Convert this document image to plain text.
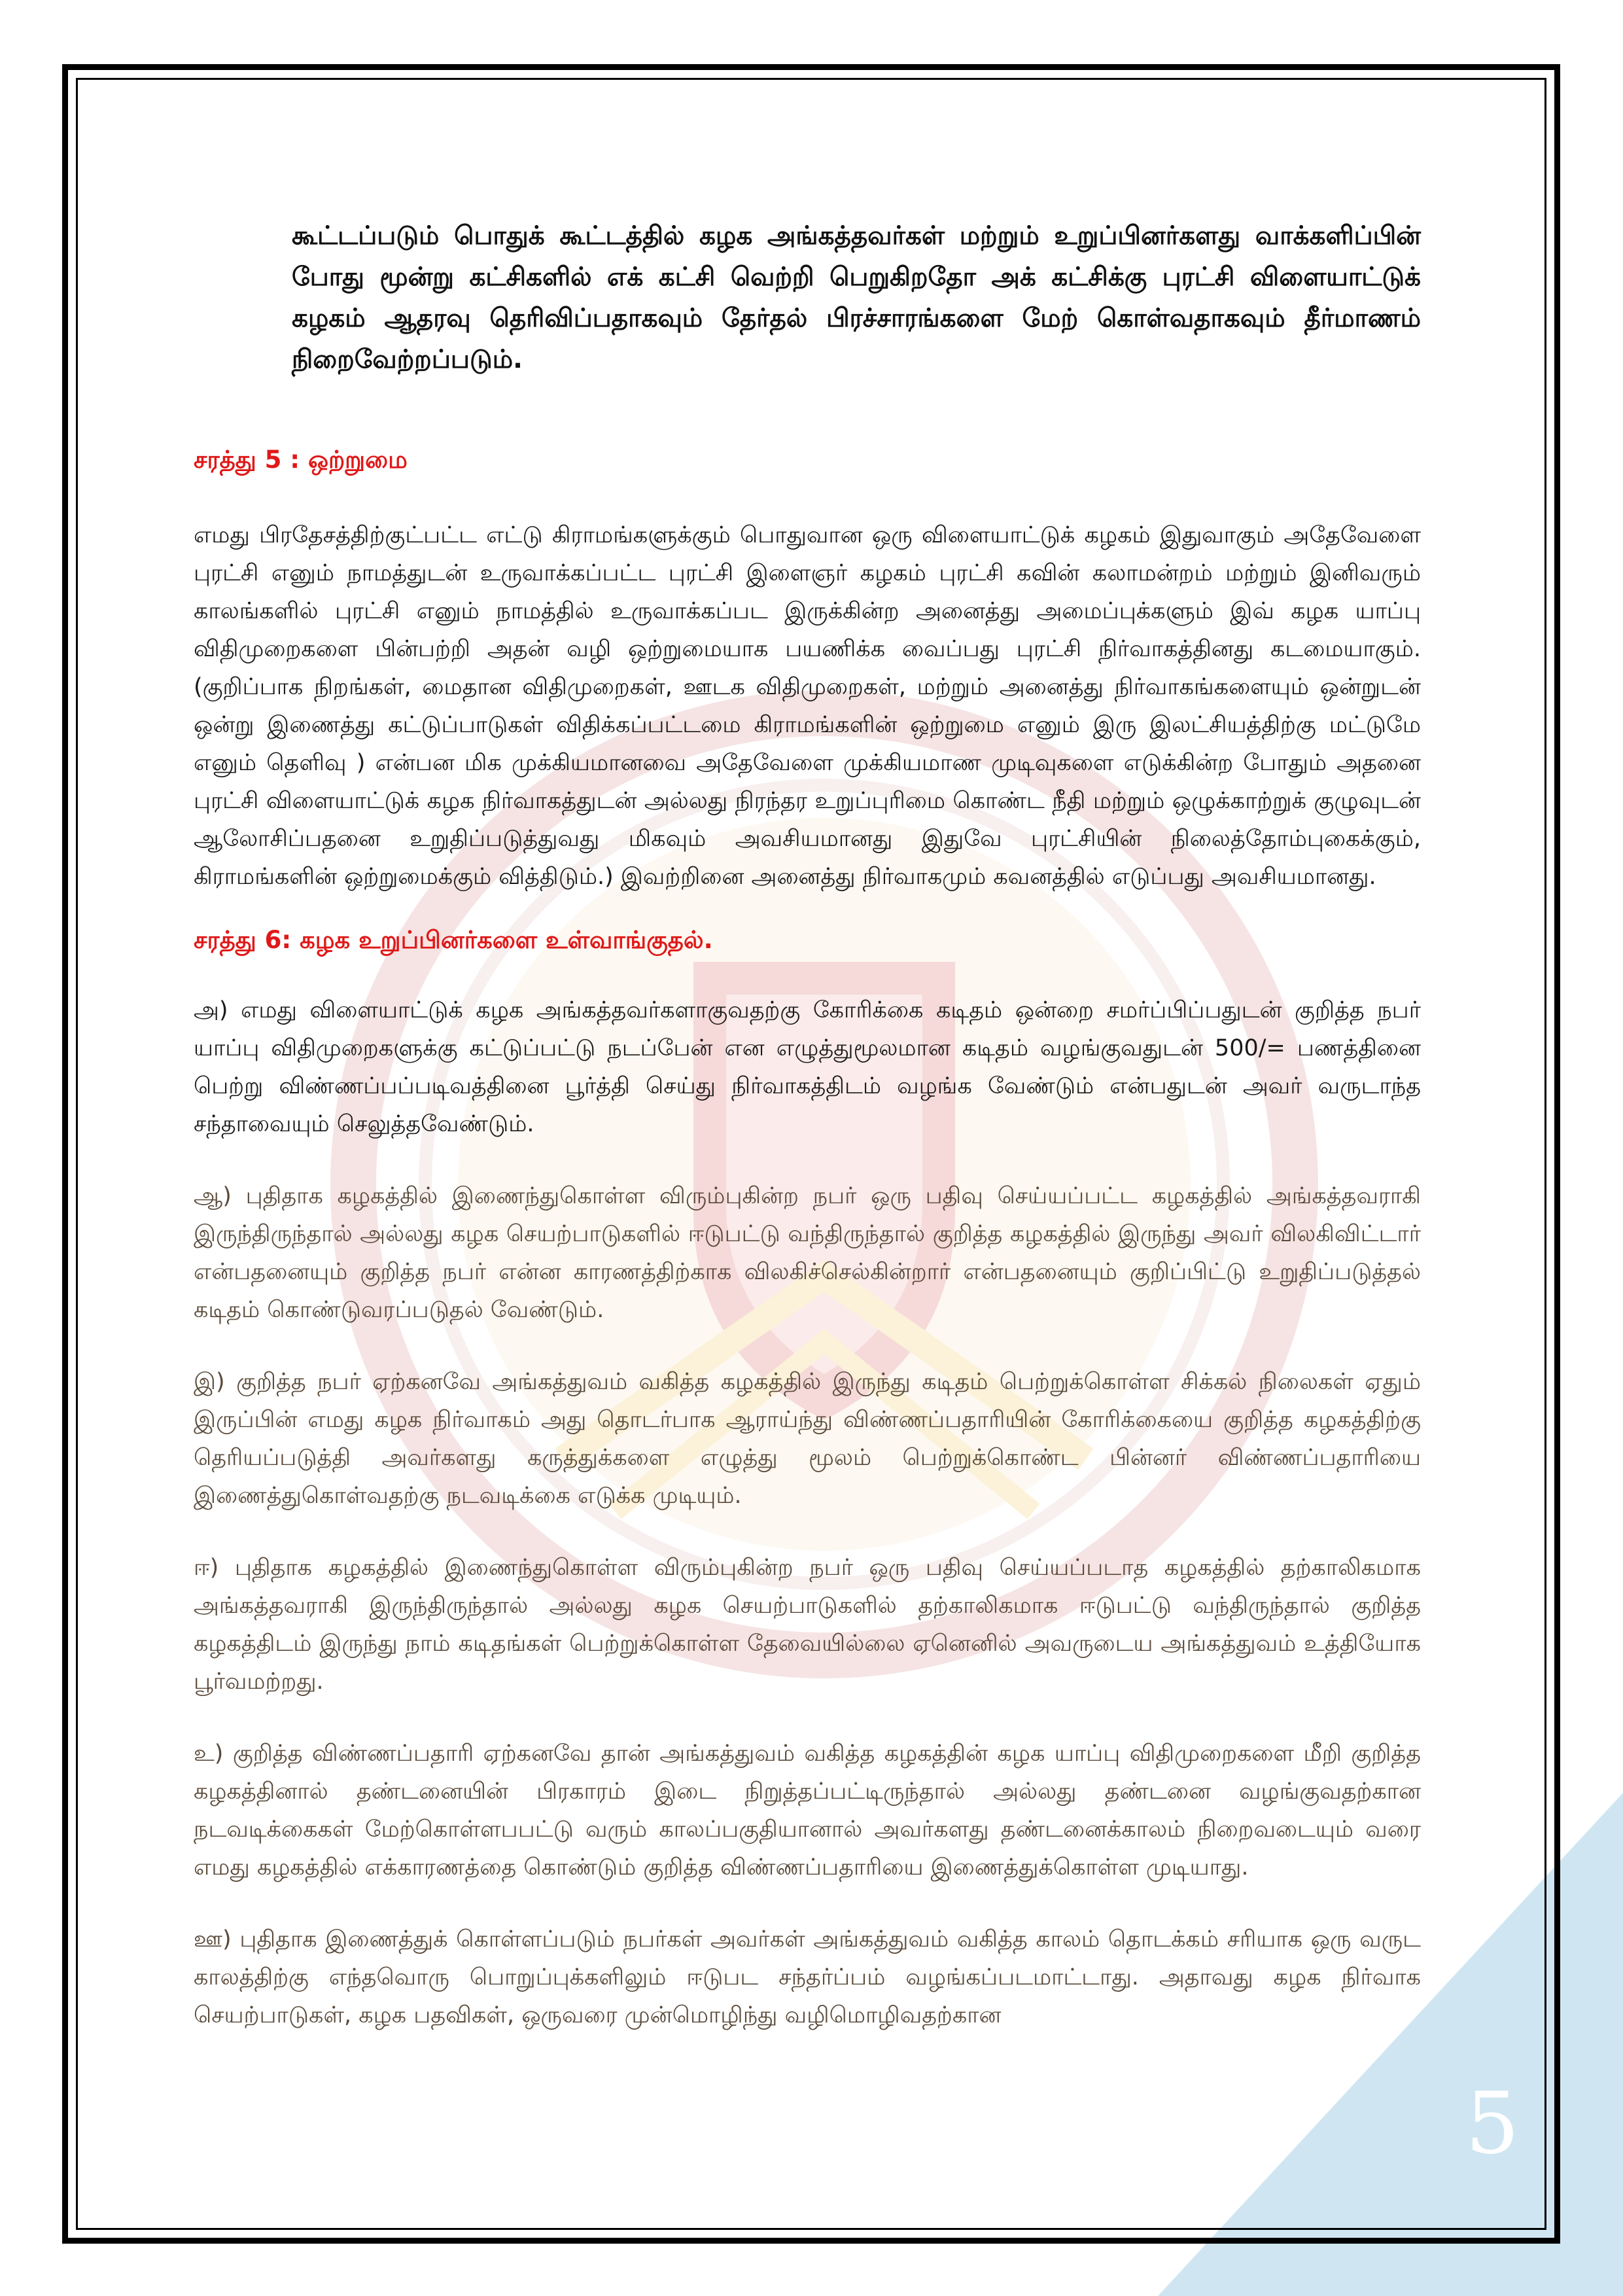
கூட்டப்படும் பொதுக் கூட்டத்தில் கழக அங்கத்தவர்கள் மற்றும் உறுப்பினர்களது வாக்களிப்பின் போது மூன்று கட்சிகளில் எக் கட்சி வெற்றி பெறுகிறதோ அக் கட்சிக்கு புரட்சி விளையாட்டுக் கழகம் ஆதரவு தெரிவிப்பதாகவும் தேர்தல் பிரச்சாரங்களை மேற் கொள்வதாகவும் தீர்மாணம் நிறைவேற்றப்படும்.

சரத்து 5 : ஒற்றுமை

எமது பிரதேசத்திற்குட்பட்ட எட்டு கிராமங்களுக்கும் பொதுவான ஒரு விளையாட்டுக் கழகம் இதுவாகும் அதேவேளை புரட்சி எனும் நாமத்துடன் உருவாக்கப்பட்ட புரட்சி இளைஞர் கழகம் புரட்சி கவின் கலாமன்றம் மற்றும் இனிவரும் காலங்களில் புரட்சி எனும் நாமத்தில் உருவாக்கப்பட இருக்கின்ற அனைத்து அமைப்புக்களும் இவ் கழக யாப்பு விதிமுறைகளை பின்பற்றி அதன் வழி ஒற்றுமையாக பயணிக்க வைப்பது புரட்சி நிர்வாகத்தினது கடமையாகும். (குறிப்பாக நிறங்கள், மைதான விதிமுறைகள், ஊடக விதிமுறைகள், மற்றும் அனைத்து நிர்வாகங்களையும் ஒன்றுடன் ஒன்று இணைத்து கட்டுப்பாடுகள் விதிக்கப்பட்டமை கிராமங்களின் ஒற்றுமை எனும் இரு இலட்சியத்திற்கு மட்டுமே எனும் தெளிவு ) என்பன மிக முக்கியமானவை அதேவேளை முக்கியமாண முடிவுகளை எடுக்கின்ற போதும் அதனை புரட்சி விளையாட்டுக் கழக நிர்வாகத்துடன் அல்லது நிரந்தர உறுப்புரிமை கொண்ட நீதி மற்றும் ஒழுக்காற்றுக் குழுவுடன் ஆலோசிப்பதனை உறுதிப்படுத்துவது மிகவும் அவசியமானது இதுவே புரட்சியின் நிலைத்தோம்புகைக்கும், கிராமங்களின் ஒற்றுமைக்கும் வித்திடும்.) இவற்றினை அனைத்து நிர்வாகமும் கவனத்தில் எடுப்பது அவசியமானது.

சரத்து 6: கழக உறுப்பினர்களை உள்வாங்குதல்.

அ) எமது விளையாட்டுக் கழக அங்கத்தவர்களாகுவதற்கு கோரிக்கை கடிதம் ஒன்றை சமர்ப்பிப்பதுடன் குறித்த நபர் யாப்பு விதிமுறைகளுக்கு கட்டுப்பட்டு நடப்பேன் என எழுத்துமூலமான கடிதம் வழங்குவதுடன் 500/= பணத்தினை பெற்று விண்ணப்பப்படிவத்தினை பூர்த்தி செய்து நிர்வாகத்திடம் வழங்க வேண்டும் என்பதுடன் அவர் வருடாந்த சந்தாவையும் செலுத்தவேண்டும்.

ஆ) புதிதாக கழகத்தில் இணைந்துகொள்ள விரும்புகின்ற நபர் ஒரு பதிவு செய்யப்பட்ட கழகத்தில் அங்கத்தவராகி இருந்திருந்தால் அல்லது கழக செயற்பாடுகளில் ஈடுபட்டு வந்திருந்தால் குறித்த கழகத்தில் இருந்து அவர் விலகிவிட்டார் என்பதனையும் குறித்த நபர் என்ன காரணத்திற்காக விலகிச்செல்கின்றார் என்பதனையும் குறிப்பிட்டு உறுதிப்படுத்தல் கடிதம் கொண்டுவரப்படுதல் வேண்டும்.

இ) குறித்த நபர் ஏற்கனவே அங்கத்துவம் வகித்த கழகத்தில் இருந்து கடிதம் பெற்றுக்கொள்ள சிக்கல் நிலைகள் ஏதும் இருப்பின் எமது கழக நிர்வாகம் அது தொடர்பாக ஆராய்ந்து விண்ணப்பதாரியின் கோரிக்கையை குறித்த கழகத்திற்கு தெரியப்படுத்தி அவர்களது கருத்துக்களை எழுத்து மூலம் பெற்றுக்கொண்ட பின்னர் விண்ணப்பதாரியை இணைத்துகொள்வதற்கு நடவடிக்கை எடுக்க முடியும்.

ஈ) புதிதாக கழகத்தில் இணைந்துகொள்ள விரும்புகின்ற நபர் ஒரு பதிவு செய்யப்படாத கழகத்தில் தற்காலிகமாக அங்கத்தவராகி இருந்திருந்தால் அல்லது கழக செயற்பாடுகளில் தற்காலிகமாக ஈடுபட்டு வந்திருந்தால் குறித்த கழகத்திடம் இருந்து நாம் கடிதங்கள் பெற்றுக்கொள்ள தேவையில்லை ஏனெனில் அவருடைய அங்கத்துவம் உத்தியோக பூர்வமற்றது.

உ) குறித்த விண்ணப்பதாரி ஏற்கனவே தான் அங்கத்துவம் வகித்த கழகத்தின் கழக யாப்பு விதிமுறைகளை மீறி குறித்த கழகத்தினால் தண்டனையின் பிரகாரம் இடை நிறுத்தப்பட்டிருந்தால் அல்லது தண்டனை வழங்குவதற்கான நடவடிக்கைகள் மேற்கொள்ளபபட்டு வரும் காலப்பகுதியானால் அவர்களது தண்டனைக்காலம் நிறைவடையும் வரை எமது கழகத்தில் எக்காரணத்தை கொண்டும் குறித்த விண்ணப்பதாரியை இணைத்துக்கொள்ள முடியாது.

ஊ) புதிதாக இணைத்துக் கொள்ளப்படும் நபர்கள் அவர்கள் அங்கத்துவம் வகித்த காலம் தொடக்கம் சரியாக ஒரு வருட காலத்திற்கு எந்தவொரு பொறுப்புக்களிலும் ஈடுபட சந்தர்ப்பம் வழங்கப்படமாட்டாது. அதாவது கழக நிர்வாக செயற்பாடுகள், கழக பதவிகள், ஒருவரை முன்மொழிந்து வழிமொழிவதற்கான

5
